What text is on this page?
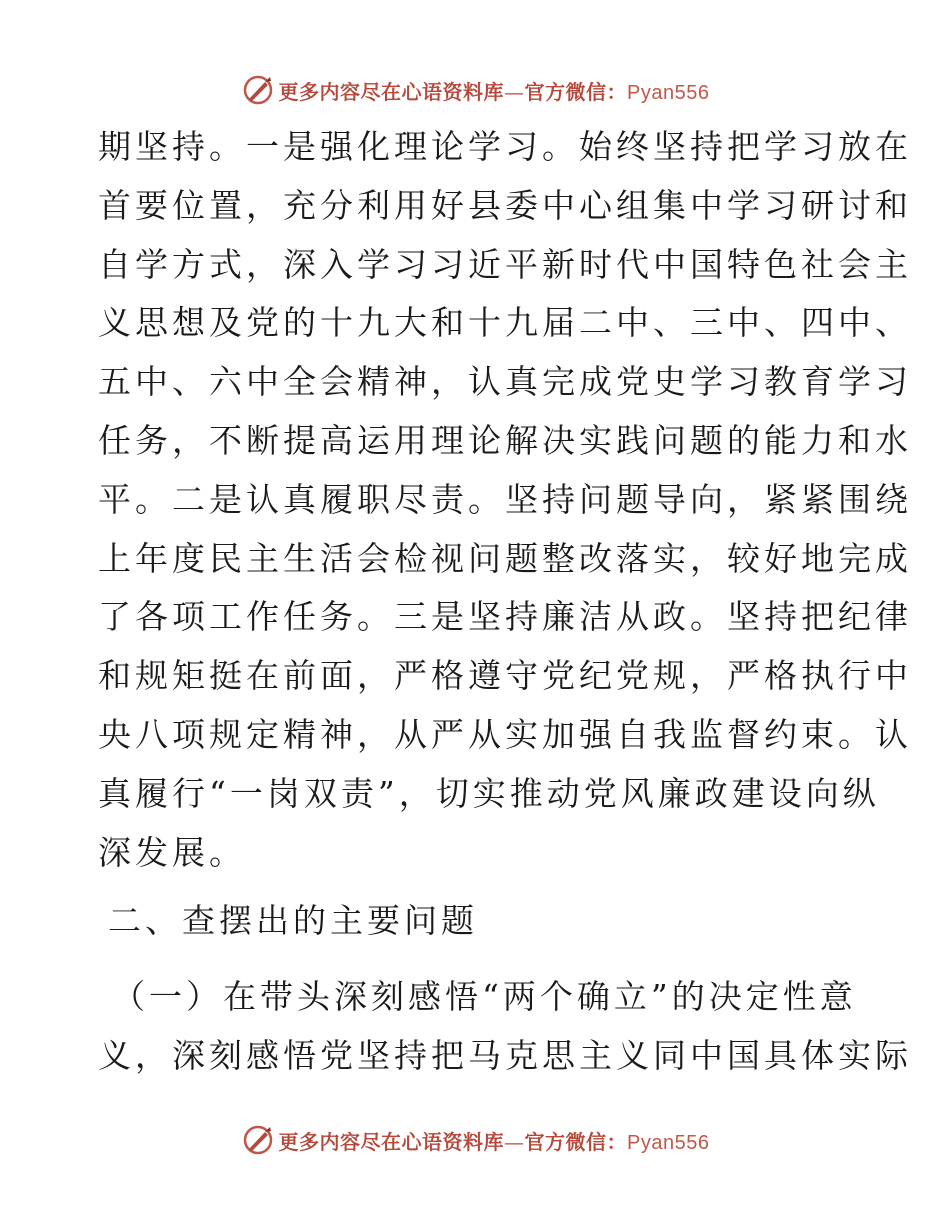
更多内容尽在心语资料库—官方微信：Pyan556
期坚持。一是强化理论学习。始终坚持把学习放在
首要位置，充分利用好县委中心组集中学习研讨和
自学方式，深入学习习近平新时代中国特色社会主
义思想及党的十九大和十九届二中、三中、四中、
五中、六中全会精神，认真完成党史学习教育学习
任务，不断提高运用理论解决实践问题的能力和水
平。二是认真履职尽责。坚持问题导向，紧紧围绕
上年度民主生活会检视问题整改落实，较好地完成
了各项工作任务。三是坚持廉洁从政。坚持把纪律
和规矩挺在前面，严格遵守党纪党规，严格执行中
央八项规定精神，从严从实加强自我监督约束。认
真履行“一岗双责”，切实推动党风廉政建设向纵
深发展。
二、查摆出的主要问题
（一）在带头深刻感悟“两个确立”的决定性意
义，深刻感悟党坚持把马克思主义同中国具体实际
更多内容尽在心语资料库—官方微信：Pyan556
